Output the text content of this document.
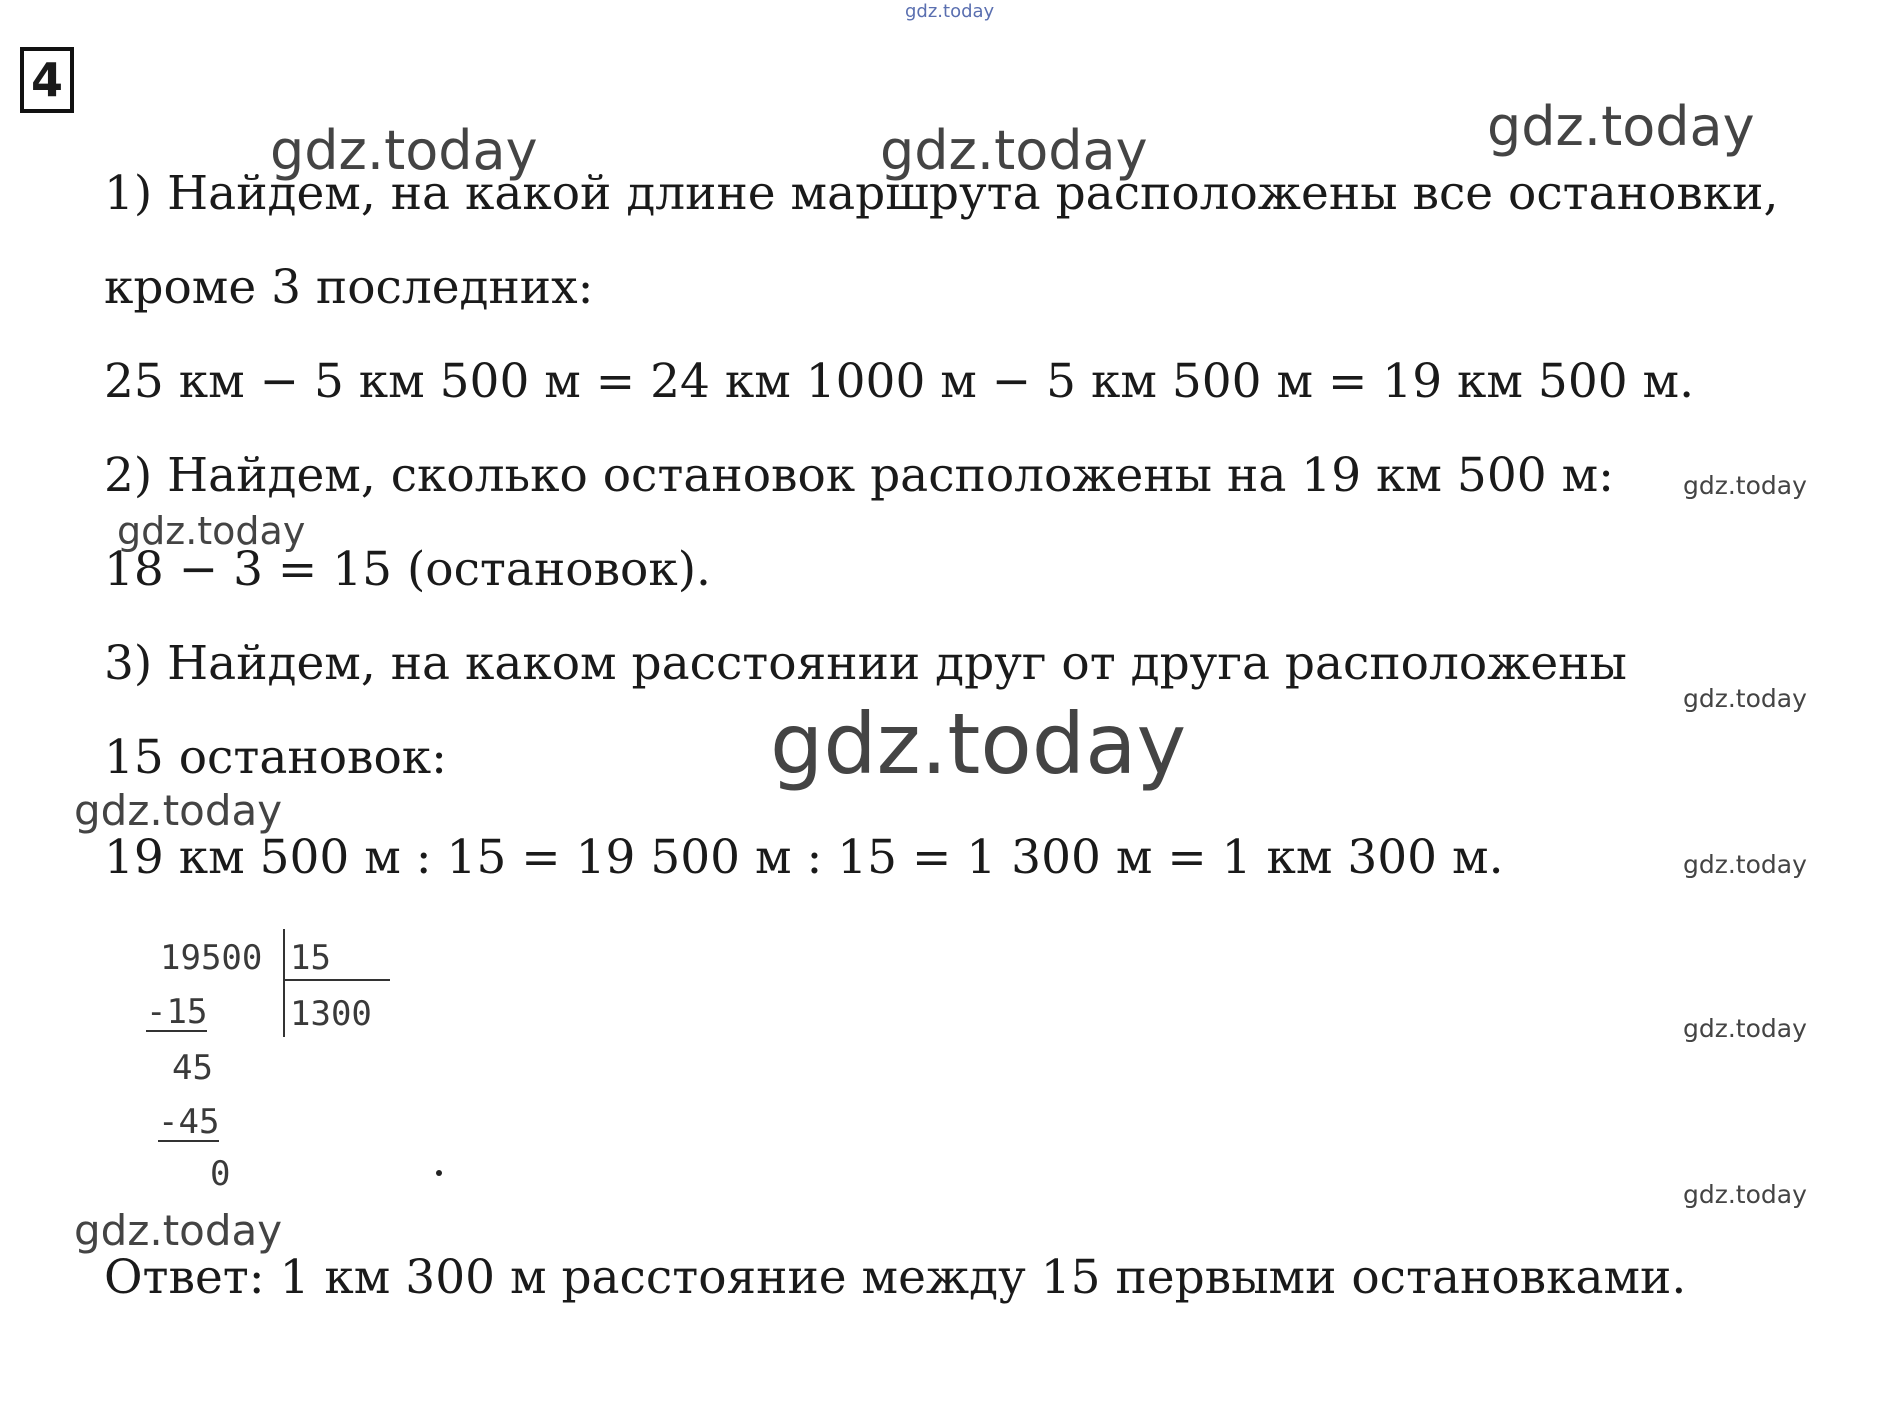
gdz.today
4
gdz.today
gdz.today	gdz.today
1) Найдем, на какой длине маршрута расположены все остановки,
кроме 3 последних:
25 км − 5 км 500 м = 24 км 1000 м − 5 км 500 м = 19 км 500 м.
2) Найдем, сколько остановок расположены на 19 км 500 м:
18 − 3 = 15 (остановок).
3) Найдем, на каком расстоянии друг от друга расположены
15 остановок:
19 км 500 м : 15 = 19 500 м : 15 = 1 300 м = 1 км 300 м.
Ответ: 1 км 300 м расстояние между 15 первыми остановками.
gdz.today
gdz.today
gdz.today
gdz.today
gdz.today
gdz.today
gdz.today
gdz.today
gdz.today
19500 15
1300
-15
45
-45
0
